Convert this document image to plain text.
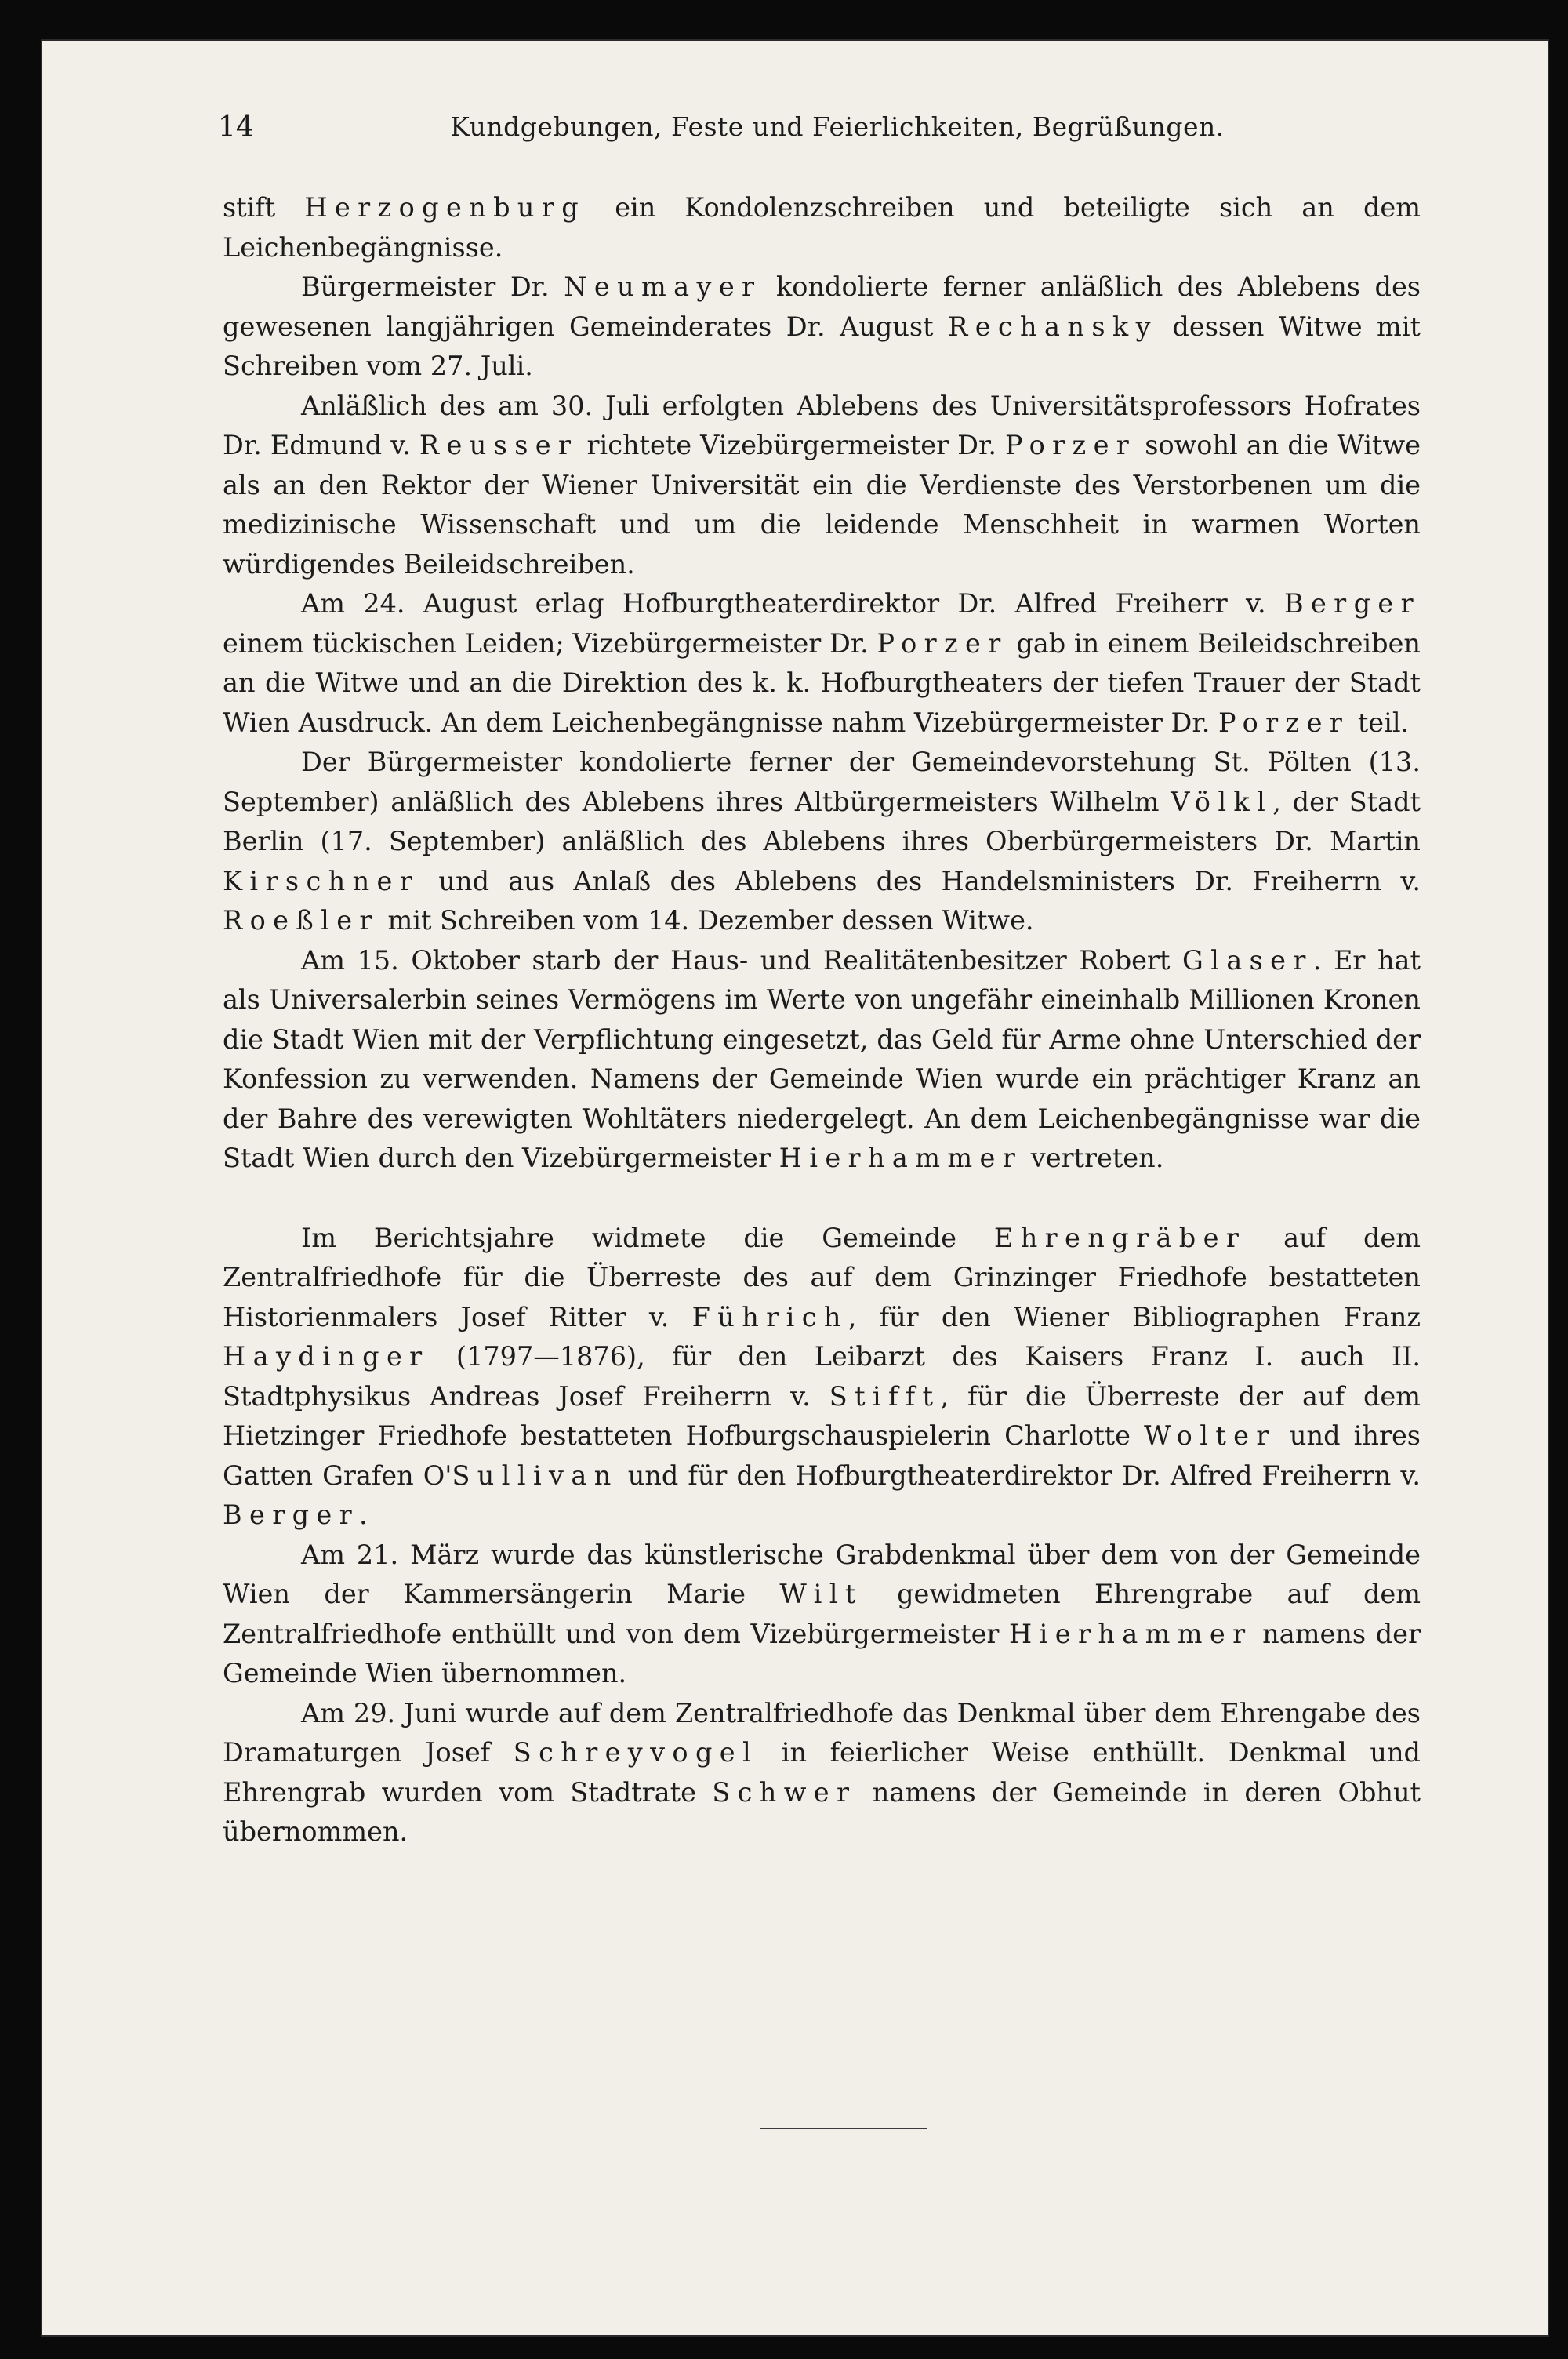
14	Kundgebungen, Feste und Feierlichkeiten, Begrüßungen.

stift Herzogenburg ein Kondolenzschreiben und beteiligte sich an dem Leichenbegängnisse.

Bürgermeister Dr. Neumayer kondolierte ferner anläßlich des Ablebens des gewesenen langjährigen Gemeinderates Dr. August Rechansky dessen Witwe mit Schreiben vom 27. Juli.

Anläßlich des am 30. Juli erfolgten Ablebens des Universitätsprofessors Hofrates Dr. Edmund v. Reusser richtete Vizebürgermeister Dr. Porzer sowohl an die Witwe als an den Rektor der Wiener Universität ein die Verdienste des Verstorbenen um die medizinische Wissenschaft und um die leidende Menschheit in warmen Worten würdigendes Beileidschreiben.

Am 24. August erlag Hofburgtheaterdirektor Dr. Alfred Freiherr v. Berger einem tückischen Leiden; Vizebürgermeister Dr. Porzer gab in einem Beileidschreiben an die Witwe und an die Direktion des k. k. Hofburgtheaters der tiefen Trauer der Stadt Wien Ausdruck. An dem Leichenbegängnisse nahm Vizebürgermeister Dr. Porzer teil.

Der Bürgermeister kondolierte ferner der Gemeindevorstehung St. Pölten (13. September) anläßlich des Ablebens ihres Altbürgermeisters Wilhelm Völkl, der Stadt Berlin (17. September) anläßlich des Ablebens ihres Oberbürgermeisters Dr. Martin Kirschner und aus Anlaß des Ablebens des Handelsministers Dr. Freiherrn v. Roeßler mit Schreiben vom 14. Dezember dessen Witwe.

Am 15. Oktober starb der Haus- und Realitätenbesitzer Robert Glaser. Er hat als Universalerbin seines Vermögens im Werte von ungefähr eineinhalb Millionen Kronen die Stadt Wien mit der Verpflichtung eingesetzt, das Geld für Arme ohne Unterschied der Konfession zu verwenden. Namens der Gemeinde Wien wurde ein prächtiger Kranz an der Bahre des verewigten Wohltäters niedergelegt. An dem Leichenbegängnisse war die Stadt Wien durch den Vizebürgermeister Hierhammer vertreten.

Im Berichtsjahre widmete die Gemeinde Ehrengräber auf dem Zentralfriedhofe für die Überreste des auf dem Grinzinger Friedhofe bestatteten Historienmalers Josef Ritter v. Führich, für den Wiener Bibliographen Franz Haydinger (1797—1876), für den Leibarzt des Kaisers Franz I. auch II. Stadtphysikus Andreas Josef Freiherrn v. Stifft, für die Überreste der auf dem Hietzinger Friedhofe bestatteten Hofburgschauspielerin Charlotte Wolter und ihres Gatten Grafen O'Sullivan und für den Hofburgtheaterdirektor Dr. Alfred Freiherrn v. Berger.

Am 21. März wurde das künstlerische Grabdenkmal über dem von der Gemeinde Wien der Kammersängerin Marie Wilt gewidmeten Ehrengrabe auf dem Zentralfriedhofe enthüllt und von dem Vizebürgermeister Hierhammer namens der Gemeinde Wien übernommen.

Am 29. Juni wurde auf dem Zentralfriedhofe das Denkmal über dem Ehrengabe des Dramaturgen Josef Schreyvogel in feierlicher Weise enthüllt. Denkmal und Ehrengrab wurden vom Stadtrate Schwer namens der Gemeinde in deren Obhut übernommen.
